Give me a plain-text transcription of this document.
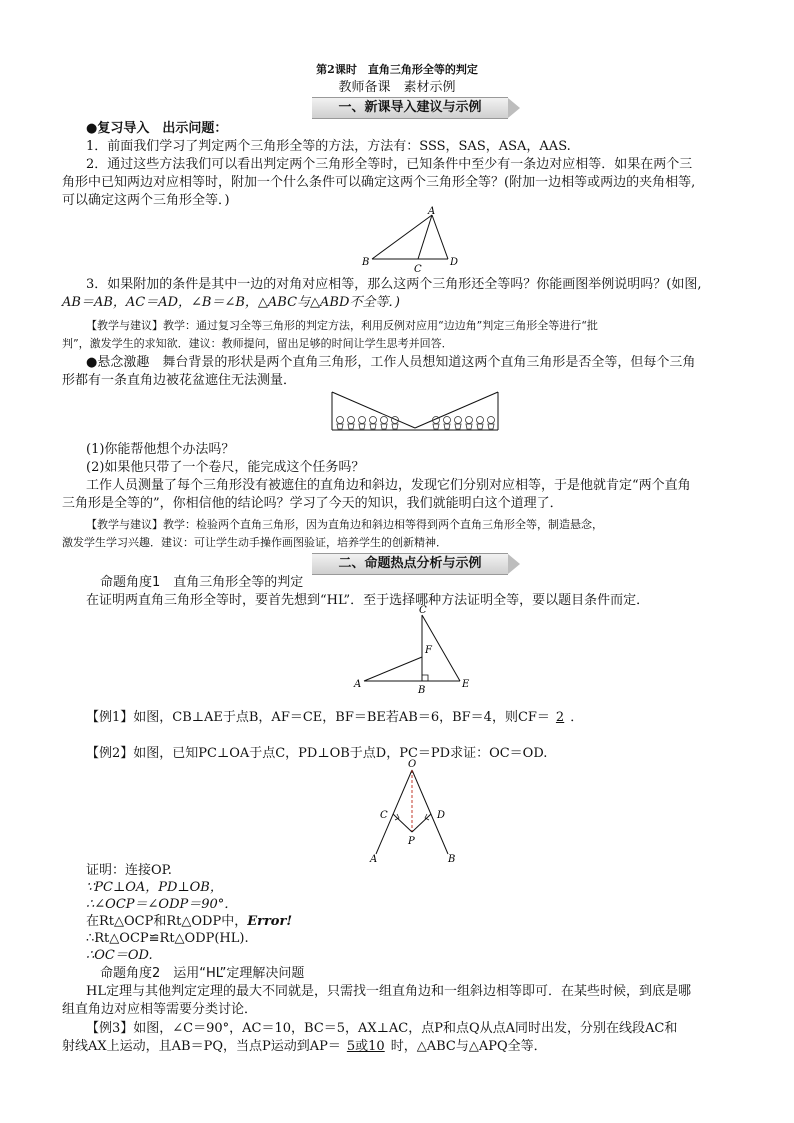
第2课时　直角三角形全等的判定
教师备课　素材示例
一、新课导入建议与示例
●复习导入　出示问题：
1．前面我们学习了判定两个三角形全等的方法，方法有：SSS，SAS，ASA，AAS.
2．通过这些方法我们可以看出判定两个三角形全等时，已知条件中至少有一条边对应相等．如果在两个三
角形中已知两边对应相等时，附加一个什么条件可以确定这两个三角形全等？(附加一边相等或两边的夹角相等,
可以确定这两个三角形全等．)
A
B
C
D
3．如果附加的条件是其中一边的对角对应相等，那么这两个三角形还全等吗？你能画图举例说明吗？(如图,
AB＝AB，AC＝AD，∠B＝∠B，△ABC与△ABD不全等．)
【教学与建议】教学：通过复习全等三角形的判定方法，利用反例对应用“边边角”判定三角形全等进行“批
判”，激发学生的求知欲．建议：教师提问，留出足够的时间让学生思考并回答．
●悬念激趣　舞台背景的形状是两个直角三角形，工作人员想知道这两个直角三角形是否全等，但每个三角
形都有一条直角边被花盆遮住无法测量．
(1)你能帮他想个办法吗？
(2)如果他只带了一个卷尺，能完成这个任务吗？
工作人员测量了每个三角形没有被遮住的直角边和斜边，发现它们分别对应相等，于是他就肯定“两个直角
三角形是全等的”，你相信他的结论吗？学习了今天的知识，我们就能明白这个道理了．
【教学与建议】教学：检验两个直角三角形，因为直角边和斜边相等得到两个直角三角形全等，制造悬念，
激发学生学习兴趣．建议：可让学生动手操作画图验证，培养学生的创新精神．
二、命题热点分析与示例
命题角度1　直角三角形全等的判定
在证明两直角三角形全等时，要首先想到“HL”．至于选择哪种方法证明全等，要以题目条件而定．
C
F
A
B
E
【例1】如图，CB⊥AE于点B，AF＝CE，BF＝BE若AB＝6，BF＝4，则CF＝ 2 ．
【例2】如图，已知PC⊥OA于点C，PD⊥OB于点D，PC＝PD求证：OC＝OD.
O
C	D
P
A	B
证明：连接OP.
∵PC⊥OA，PD⊥OB，
∴∠OCP＝∠ODP＝90°．
在Rt△OCP和Rt△ODP中，Error!
∴Rt△OCP≌Rt△ODP(HL).
∴OC＝OD.
命题角度2　运用“HL”定理解决问题
HL定理与其他判定定理的最大不同就是，只需找一组直角边和一组斜边相等即可．在某些时候，到底是哪
组直角边对应相等需要分类讨论．
【例3】如图，∠C＝90°，AC＝10，BC＝5，AX⊥AC，点P和点Q从点A同时出发，分别在线段AC和
射线AX上运动，且AB＝PQ，当点P运动到AP＝ 5或10 时，△ABC与△APQ全等．
